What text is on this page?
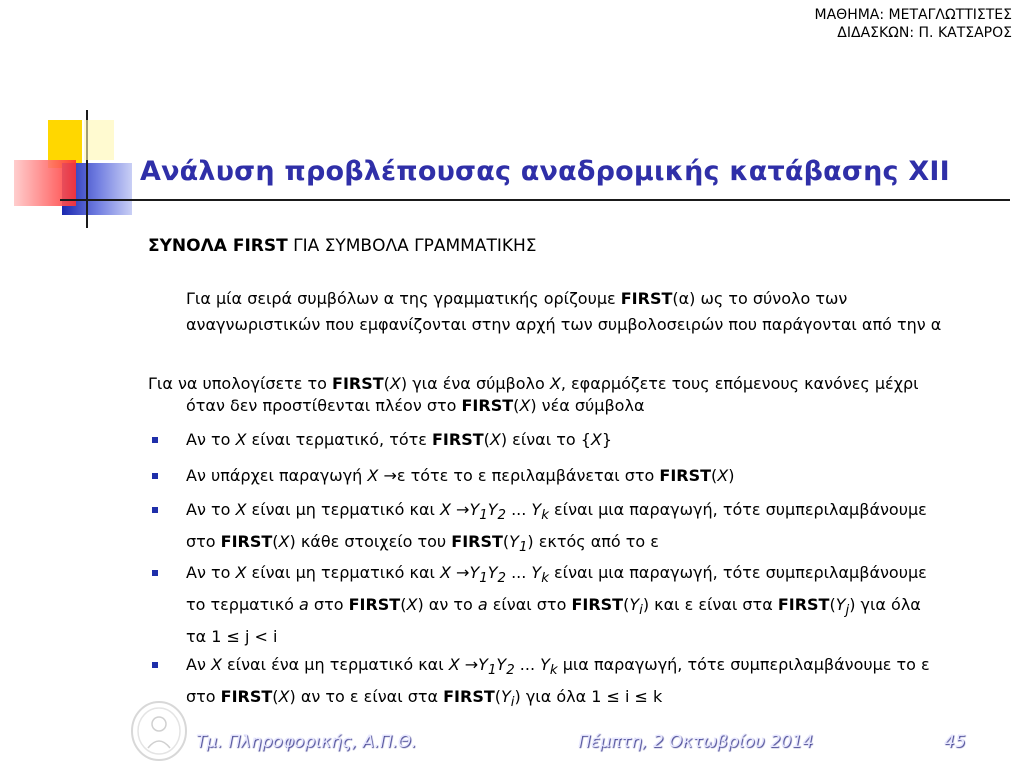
ΜΑΘΗΜΑ: ΜΕΤΑΓΛΩΤΤΙΣΤΕΣ
ΔΙΔΑΣΚΩΝ: Π. ΚΑΤΣΑΡΟΣ
Ανάλυση προβλέπουσας αναδρομικής κατάβασης XII
ΣΥΝΟΛΑ FIRST ΓΙΑ ΣΥΜΒΟΛΑ ΓΡΑΜΜΑΤΙΚΗΣ
Για μία σειρά συμβόλων α της γραμματικής ορίζουμε FIRST(α) ως το σύνολο των
αναγνωριστικών που εμφανίζονται στην αρχή των συμβολοσειρών που παράγονται από την α
Για να υπολογίσετε το FIRST(X) για ένα σύμβολο X, εφαρμόζετε τους επόμενους κανόνες μέχρι
όταν δεν προστίθενται πλέον στο FIRST(X) νέα σύμβολα
Αν το X είναι τερματικό, τότε FIRST(X) είναι το {X}
Αν υπάρχει παραγωγή X →ε τότε το ε περιλαμβάνεται στο FIRST(X)
Αν το X είναι μη τερματικό και $X \to Y_1Y_2$ ... $Y_k$ είναι μια παραγωγή, τότε συμπεριλαμβάνουμε
στο FIRST(X) κάθε στοιχείο του $FIRST(Y_1)$ εκτός από το ε
Αν το X είναι μη τερματικό και $X \to Y_1Y_2$ ... $Y_k$ είναι μια παραγωγή, τότε συμπεριλαμβάνουμε
το τερματικό a στο FIRST(X) αν το a είναι στο $FIRST(Y_i)$ και ε είναι στα $FIRST(Y_j)$ για όλα
τα 1 ≤ j < i
Αν X είναι ένα μη τερματικό και $X \to Y_1Y_2$ ... $Y_k$ μια παραγωγή, τότε συμπεριλαμβάνουμε το ε
στο FIRST(X) αν το ε είναι στα $FIRST(Y_i)$ για όλα 1 ≤ i ≤ k
Τμ. Πληροφορικής, Α.Π.Θ.	Πέμπτη, 2 Οκτωβρίου 2014	45
